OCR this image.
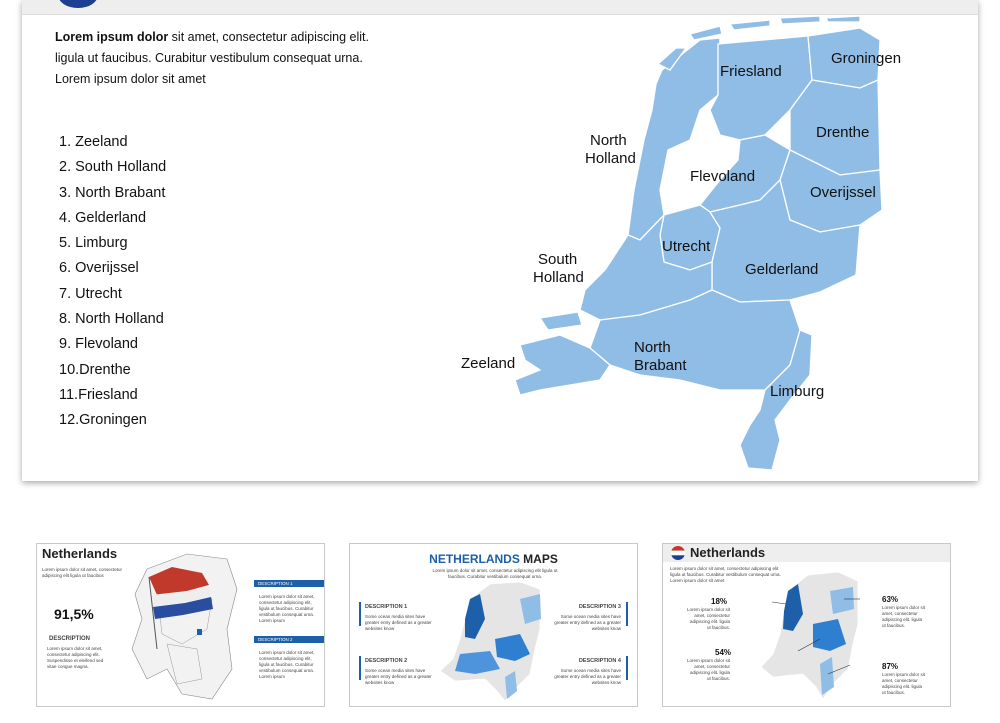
Lorem ipsum dolor sit amet, consectetur adipiscing elit. ligula ut faucibus. Curabitur vestibulum consequat urna. Lorem ipsum dolor sit amet
1. Zeeland
2. South Holland
3. North Brabant
4. Gelderland
5. Limburg
6. Overijssel
7. Utrecht
8. North Holland
9. Flevoland
10.Drenthe
11.Friesland
12.Groningen
Friesland
Groningen
Drenthe
North
Holland
Flevoland
Overijssel
Utrecht
South
Holland	Gelderland
Zeeland
North
Brabant
Limburg
Netherlands
Lorem ipsum dolor sit amet, consectetur adipiscing elit ligula ut faucibus
91,5%
DESCRIPTION
Lorem ipsum dolor sit amet, consectetur adipiscing elit. Suspendisse et eleifend sed vitae congue magna.
DESCRIPTION 1
Lorem ipsum dolor sit amet, consectetur adipiscing elit, ligula ut faucibus. Curabitur vestibulum consequat urna. Lorem ipsum
DESCRIPTION 2
Lorem ipsum dolor sit amet, consectetur adipiscing elit, ligula ut faucibus. Curabitur vestibulum consequat urna. Lorem ipsum
NETHERLANDS MAPS
Lorem ipsum dolor sit amet, consectetur adipiscing elit ligula ut faucibus. Curabitur vestibulum consequat urna.
DESCRIPTION 1
Some ocean media sites have greater entry defined as a greater websites know
DESCRIPTION 2
Some ocean media sites have greater entry defined as a greater websites know
DESCRIPTION 3
Some ocean media sites have greater entry defined as a greater websites know
DESCRIPTION 4
Some ocean media sites have greater entry defined as a greater websites know
Netherlands
Lorem ipsum dolor sit amet, consectetur adipiscing elit ligula ut faucibus. Curabitur vestibulum consequat urna. Lorem ipsum dolor sit amet
18%
Lorem ipsum dolor sit amet, consectetur adipiscing elit. ligula ut faucibus.
63%
Lorem ipsum dolor sit amet, consectetur adipiscing elit. ligula ut faucibus.
54%
Lorem ipsum dolor sit amet, consectetur adipiscing elit. ligula ut faucibus.
87%
Lorem ipsum dolor sit amet, consectetur adipiscing elit. ligula ut faucibus.
